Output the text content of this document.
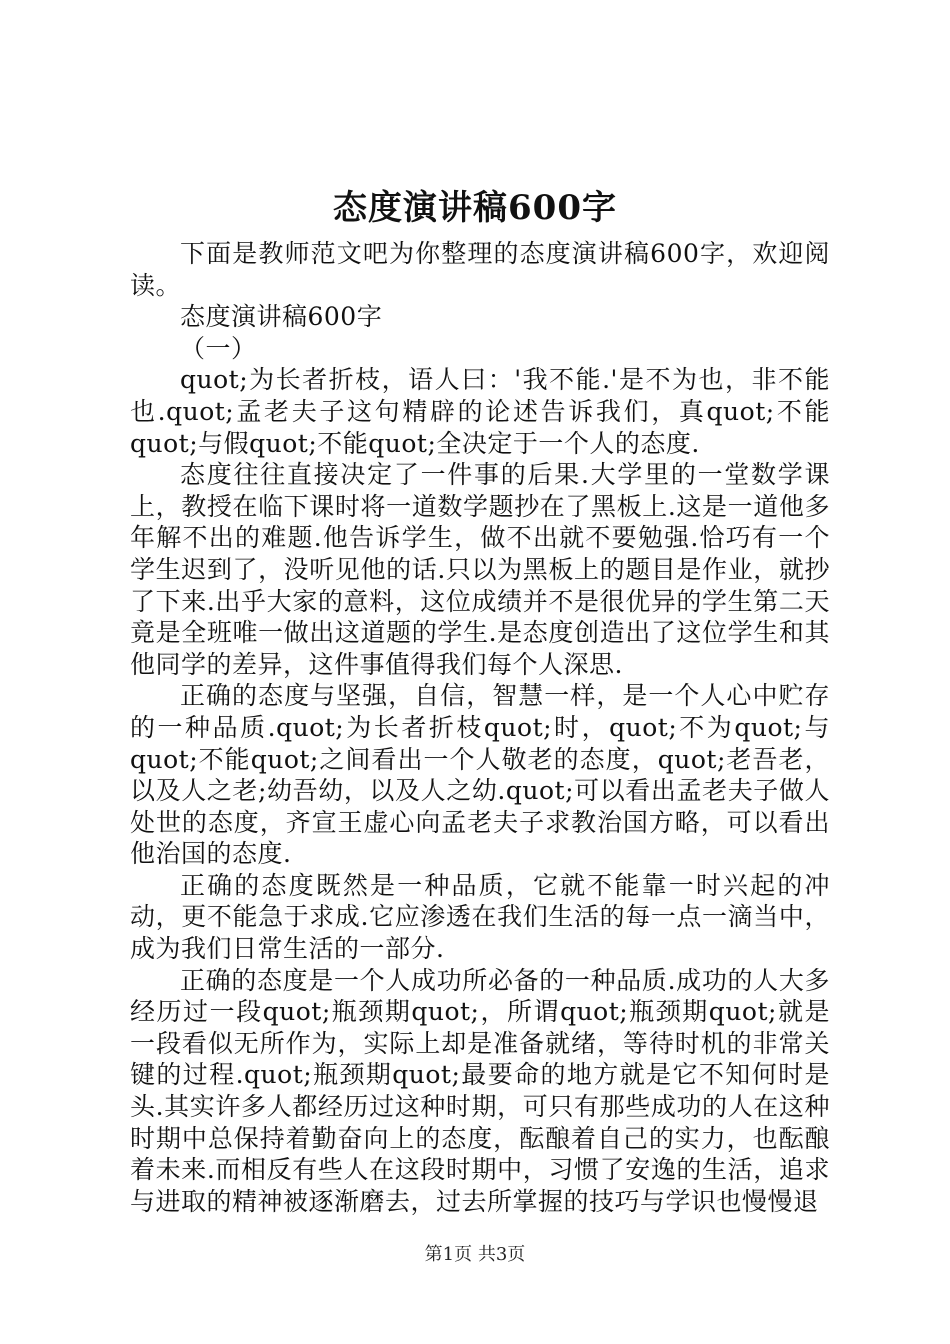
态度演讲稿600字

下面是教师范文吧为你整理的态度演讲稿600字，欢迎阅读。

态度演讲稿600字

（一）

quot;为长者折枝，语人曰：'我不能.'是不为也，非不能也.quot;孟老夫子这句精辟的论述告诉我们，真quot;不能quot;与假quot;不能quot;全决定于一个人的态度.

态度往往直接决定了一件事的后果.大学里的一堂数学课上，教授在临下课时将一道数学题抄在了黑板上.这是一道他多年解不出的难题.他告诉学生，做不出就不要勉强.恰巧有一个学生迟到了，没听见他的话.只以为黑板上的题目是作业，就抄了下来.出乎大家的意料，这位成绩并不是很优异的学生第二天竟是全班唯一做出这道题的学生.是态度创造出了这位学生和其他同学的差异，这件事值得我们每个人深思.

正确的态度与坚强，自信，智慧一样，是一个人心中贮存的一种品质.quot;为长者折枝quot;时，quot;不为quot;与quot;不能quot;之间看出一个人敬老的态度，quot;老吾老，以及人之老;幼吾幼，以及人之幼.quot;可以看出孟老夫子做人处世的态度，齐宣王虚心向孟老夫子求教治国方略，可以看出他治国的态度.

正确的态度既然是一种品质，它就不能靠一时兴起的冲动，更不能急于求成.它应渗透在我们生活的每一点一滴当中，成为我们日常生活的一部分.

正确的态度是一个人成功所必备的一种品质.成功的人大多经历过一段quot;瓶颈期quot;，所谓quot;瓶颈期quot;就是一段看似无所作为，实际上却是准备就绪，等待时机的非常关键的过程.quot;瓶颈期quot;最要命的地方就是它不知何时是头.其实许多人都经历过这种时期，可只有那些成功的人在这种时期中总保持着勤奋向上的态度，酝酿着自己的实力，也酝酿着未来.而相反有些人在这段时期中，习惯了安逸的生活，追求与进取的精神被逐渐磨去，过去所掌握的技巧与学识也慢慢退

第1页 共3页
